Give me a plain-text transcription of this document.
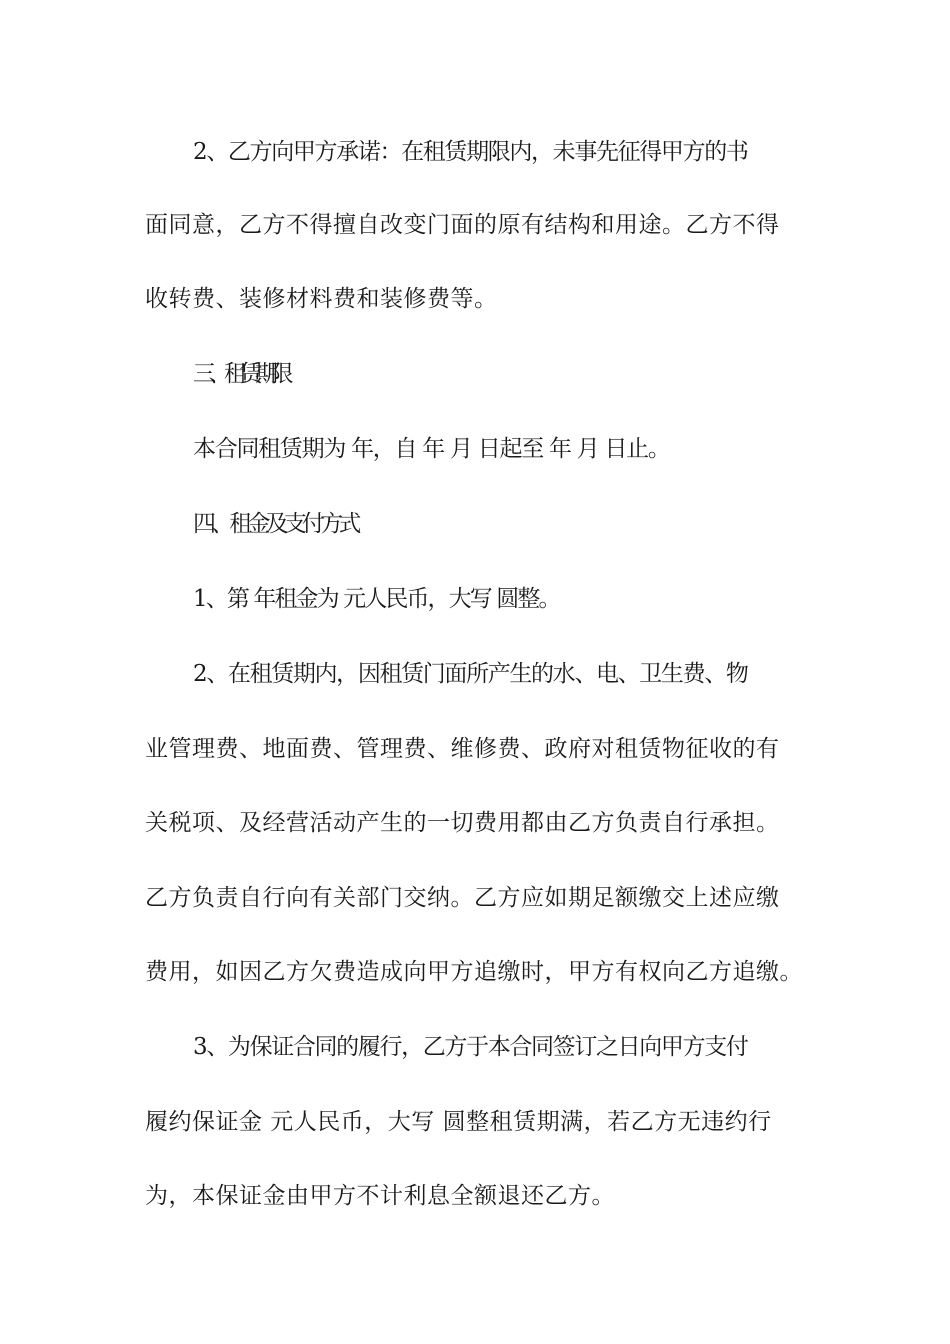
2、乙方向甲方承诺：在租赁期限内，未事先征得甲方的书
面同意，乙方不得擅自改变门面的原有结构和用途。乙方不得
收转费、装修材料费和装修费等。
三、租赁期限
本合同租赁期为 年，自 年 月 日起至 年 月 日止。
四、租金及支付方式
1、第 年租金为 元人民币，大写 圆整。
2、在租赁期内，因租赁门面所产生的水、电、卫生费、物
业管理费、地面费、管理费、维修费、政府对租赁物征收的有
关税项、及经营活动产生的一切费用都由乙方负责自行承担。
乙方负责自行向有关部门交纳。乙方应如期足额缴交上述应缴
费用，如因乙方欠费造成向甲方追缴时，甲方有权向乙方追缴。
3、为保证合同的履行，乙方于本合同签订之日向甲方支付
履约保证金 元人民币，大写 圆整租赁期满，若乙方无违约行
为，本保证金由甲方不计利息全额退还乙方。
